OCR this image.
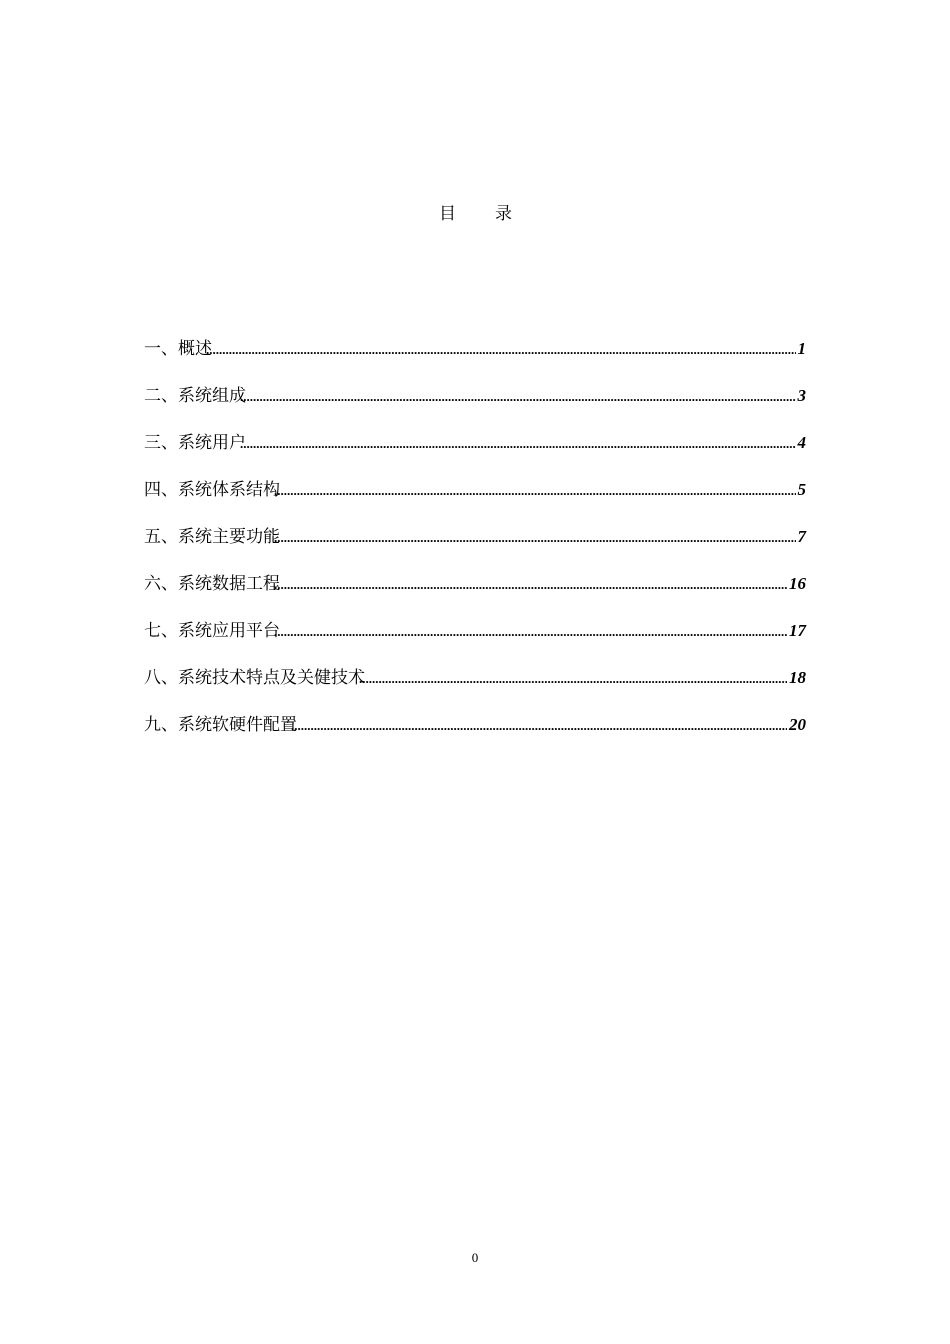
目 录
一、概述 .....	1
二、系统组成 .....	3
三、系统用户 .....	4
四、系统体系结构 .....	5
五、系统主要功能 .....	7
六、系统数据工程 .....	16
七、系统应用平台 .....	17
八、系统技术特点及关健技术 .....	18
九、系统软硬件配置 .....	20
0
